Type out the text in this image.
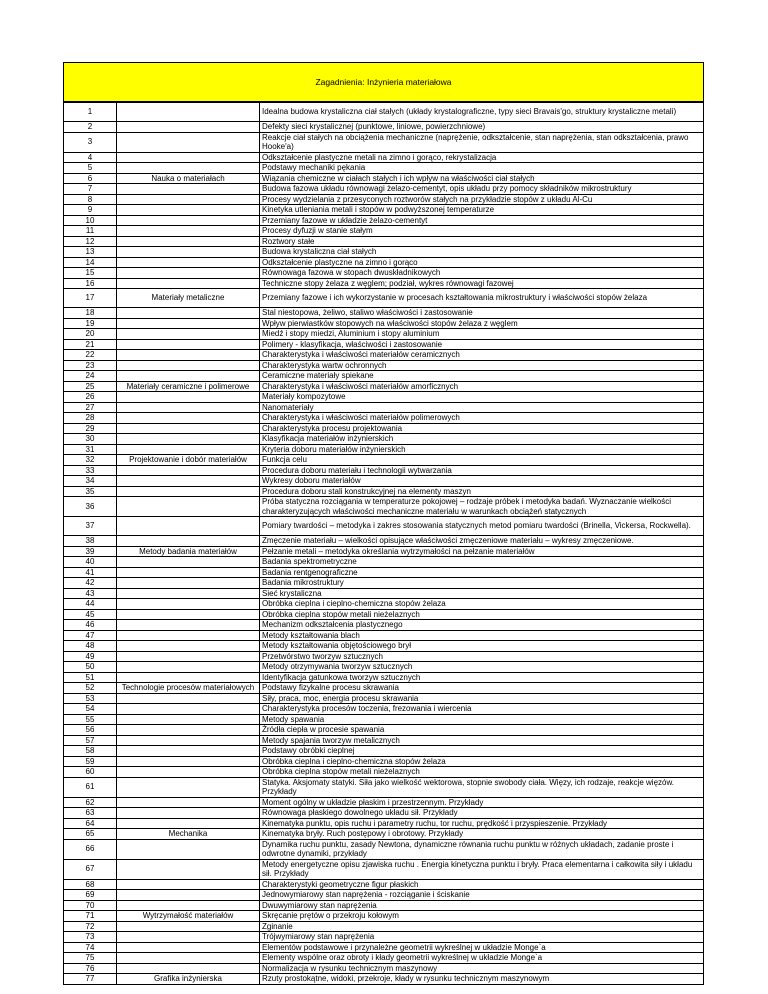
Zagadnienia: Inżynieria materiałowa
1		Idealna budowa krystaliczna ciał stałych (układy krystalograficzne, typy sieci Bravais'go, struktury krystaliczne metali)
2		Defekty sieci krystalicznej (punktowe, liniowe, powierzchniowe)
3		Reakcje ciał stałych na obciążenia mechaniczne (naprężenie, odkształcenie, stan naprężenia, stan odkształcenia, prawo Hooke'a)
4		Odkształcenie plastyczne metali na zimno i gorąco, rekrystalizacja
5		Podstawy mechaniki pękania
6	Nauka o materiałach	Wiązania chemiczne w ciałach stałych i ich wpływ na właściwości ciał stałych
7		Budowa fazowa układu równowagi żelazo-cementyt, opis układu przy pomocy składników mikrostruktury
8		Procesy wydzielania z przesyconych roztworów stałych na przykładzie stopów z układu Al-Cu
9		Kinetyka utleniania metali i stopów w podwyższonej temperaturze
10		Przemiany fazowe w układzie żelazo-cementyt
11		Procesy dyfuzji w stanie stałym
12		Roztwory stałe
13		Budowa krystaliczna ciał stałych
14		Odkształcenie plastyczne na zimno i gorąco
15		Równowaga fazowa w stopach dwuskładnikowych
16		Techniczne stopy żelaza z węglem; podział, wykres równowagi fazowej
17	Materiały metaliczne	Przemiany fazowe i ich wykorzystanie w procesach kształtowania mikrostruktury i właściwości stopów żelaza
18		Stal niestopowa, żeliwo, staliwo właściwości i zastosowanie
19		Wpływ pierwiastków stopowych na właściwości stopów żelaza z węglem
20		Miedź i stopy miedzi, Aluminium i stopy aluminium
21		Polimery - klasyfikacja, właściwości i zastosowanie
22		Charakterystyka i właściwości materiałów ceramicznych
23		Charakterystyka wartw ochronnych
24		Ceramiczne materiały spiekane
25	Materiały ceramiczne i polimerowe	Charakterystyka i właściwości materiałów amorficznych
26		Materiały kompozytowe
27		Nanomateriały
28		Charakterystyka i właściwości materiałów polimerowych
29		Charakterystyka procesu projektowania
30		Klasyfikacja materiałów inżynierskich
31		Kryteria doboru materiałów inżynierskich
32	Projektowanie i dobór materiałów	Funkcja celu
33		Procedura doboru materiału i technologii wytwarzania
34		Wykresy doboru materiałów
35		Procedura doboru stali konstrukcyjnej na elementy maszyn
36		Próba statyczna rozciągania w temperaturze pokojowej – rodzaje próbek i metodyka badań. Wyznaczanie wielkości charakteryzujących właściwości mechaniczne materiału w warunkach obciążeń statycznych
37		Pomiary twardości – metodyka i zakres stosowania statycznych metod pomiaru twardości (Brinella, Vickersa, Rockwella).
38		Zmęczenie materiału – wielkości opisujące właściwości zmęczeniowe materiału – wykresy zmęczeniowe.
39	Metody badania materiałów	Pełzanie metali – metodyka określania wytrzymałości na pełzanie materiałów
40		Badania spektrometryczne
41		Badania rentgenograficzne
42		Badania mikrostruktury
43		Sieć krystaliczna
44		Obróbka cieplna i cieplno-chemiczna stopów żelaza
45		Obróbka cieplna stopów metali nieżelaznych
46		Mechanizm odkształcenia plastycznego
47		Metody kształtowania blach
48		Metody kształtowania objętościowego brył
49		Przetwórstwo tworzyw sztucznych
50		Metody otrzymywania tworzyw sztucznych
51		Identyfikacja gatunkowa tworzyw sztucznych
52	Technologie procesów materiałowych	Podstawy fizykalne procesu skrawania
53		Siły, praca, moc, energia procesu skrawania
54		Charakterystyka procesów toczenia, frezowania i wiercenia
55		Metody spawania
56		Źródła ciepła w procesie spawania
57		Metody spajania tworzyw metalicznych
58		Podstawy obróbki cieplnej
59		Obróbka cieplna i cieplno-chemiczna stopów żelaza
60		Obróbka cieplna stopów metali nieżelaznych
61		Statyka. Aksjomaty statyki. Siła jako wielkość wektorowa, stopnie swobody ciała. Więzy, ich rodzaje, reakcje więzów. Przykłady
62		Moment ogólny w układzie płaskim i przestrzennym. Przykłady
63		Równowaga płaskiego dowolnego układu sił. Przykłady
64		Kinematyka punktu, opis ruchu i parametry ruchu, tor ruchu, prędkość i przyspieszenie. Przykłady
65	Mechanika	Kinematyka bryły. Ruch postępowy i obrotowy. Przykłady
66		Dynamika ruchu punktu, zasady Newtona, dynamiczne równania ruchu punktu w różnych układach, zadanie proste i odwrotne dynamiki, przykłady
67		Metody energetyczne opisu zjawiska ruchu . Energia kinetyczna punktu i bryły. Praca elementarna i całkowita siły i układu sił. Przykłady
68		Charakterystyki geometryczne figur płaskich
69		Jednowymiarowy stan naprężenia - rozciąganie i ściskanie
70		Dwuwymiarowy stan naprężenia
71	Wytrzymałość materiałów	Skręcanie prętów o przekroju kołowym
72		Zginanie
73		Trójwymiarowy stan naprężenia
74		Elementów podstawowe i przynależne geometrii wykreślnej w układzie Monge`a
75		Elementy wspólne oraz obroty i kłady geometrii wykreślnej w układzie Monge`a
76		Normalizacja w rysunku technicznym maszynowy
77	Grafika inżynierska	Rzuty prostokątne, widoki, przekroje, kłady w rysunku technicznym maszynowym
